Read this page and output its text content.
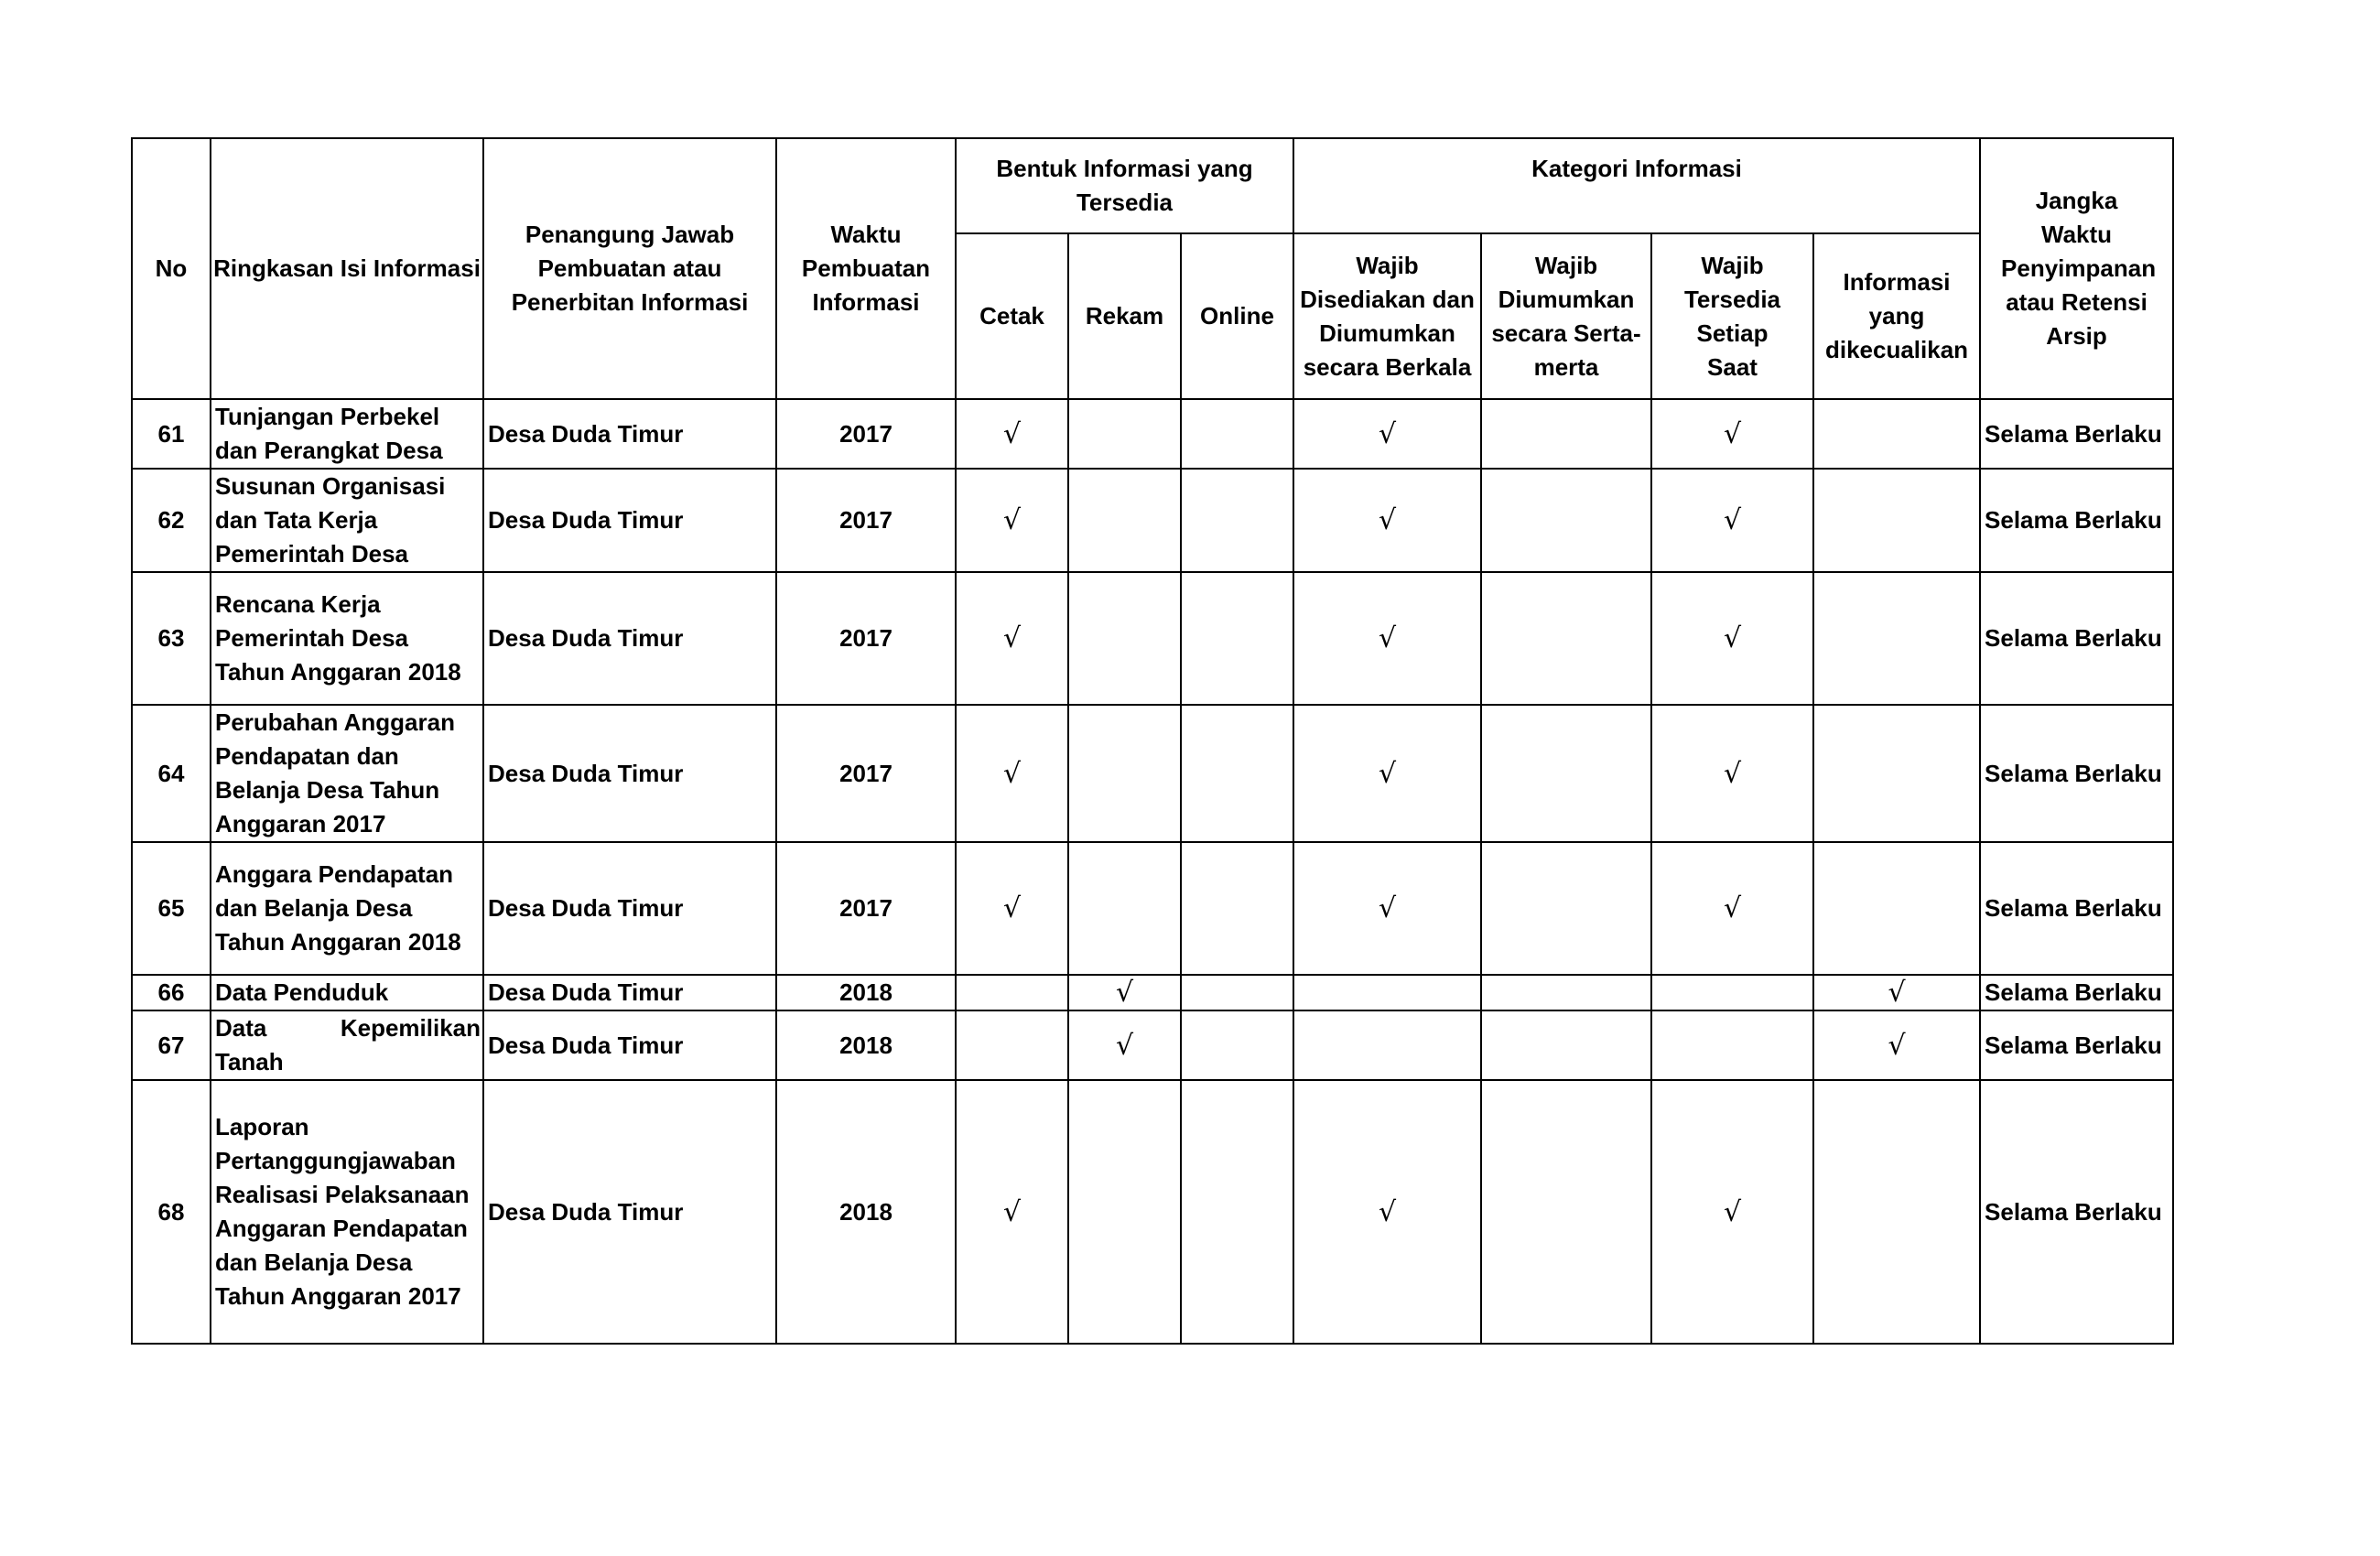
No	Ringkasan Isi Informasi	Penangung Jawab Pembuatan atau Penerbitan Informasi	Waktu Pembuatan Informasi	Bentuk Informasi yang Tersedia			Kategori Informasi				Jangka Waktu Penyimpanan atau Retensi Arsip
				Cetak	Rekam	Online	Wajib Disediakan dan Diumumkan secara Berkala	Wajib Diumumkan secara Serta-merta	Wajib Tersedia Setiap Saat	Informasi yang dikecualikan	
61	Tunjangan Perbekel dan Perangkat Desa	Desa Duda Timur	2017	√			√		√		Selama Berlaku
62	Susunan Organisasi dan Tata Kerja Pemerintah Desa	Desa Duda Timur	2017	√			√		√		Selama Berlaku
63	Rencana Kerja Pemerintah Desa Tahun Anggaran 2018	Desa Duda Timur	2017	√			√		√		Selama Berlaku
64	Perubahan Anggaran Pendapatan dan Belanja Desa Tahun Anggaran 2017	Desa Duda Timur	2017	√			√		√		Selama Berlaku
65	Anggara Pendapatan dan Belanja Desa Tahun Anggaran 2018	Desa Duda Timur	2017	√			√		√		Selama Berlaku
66	Data Penduduk	Desa Duda Timur	2018		√					√	Selama Berlaku
67	Data Kepemilikan Tanah	Desa Duda Timur	2018		√					√	Selama Berlaku
68	Laporan Pertanggungjawaban Realisasi Pelaksanaan Anggaran Pendapatan dan Belanja Desa Tahun Anggaran 2017	Desa Duda Timur	2018	√			√		√		Selama Berlaku
